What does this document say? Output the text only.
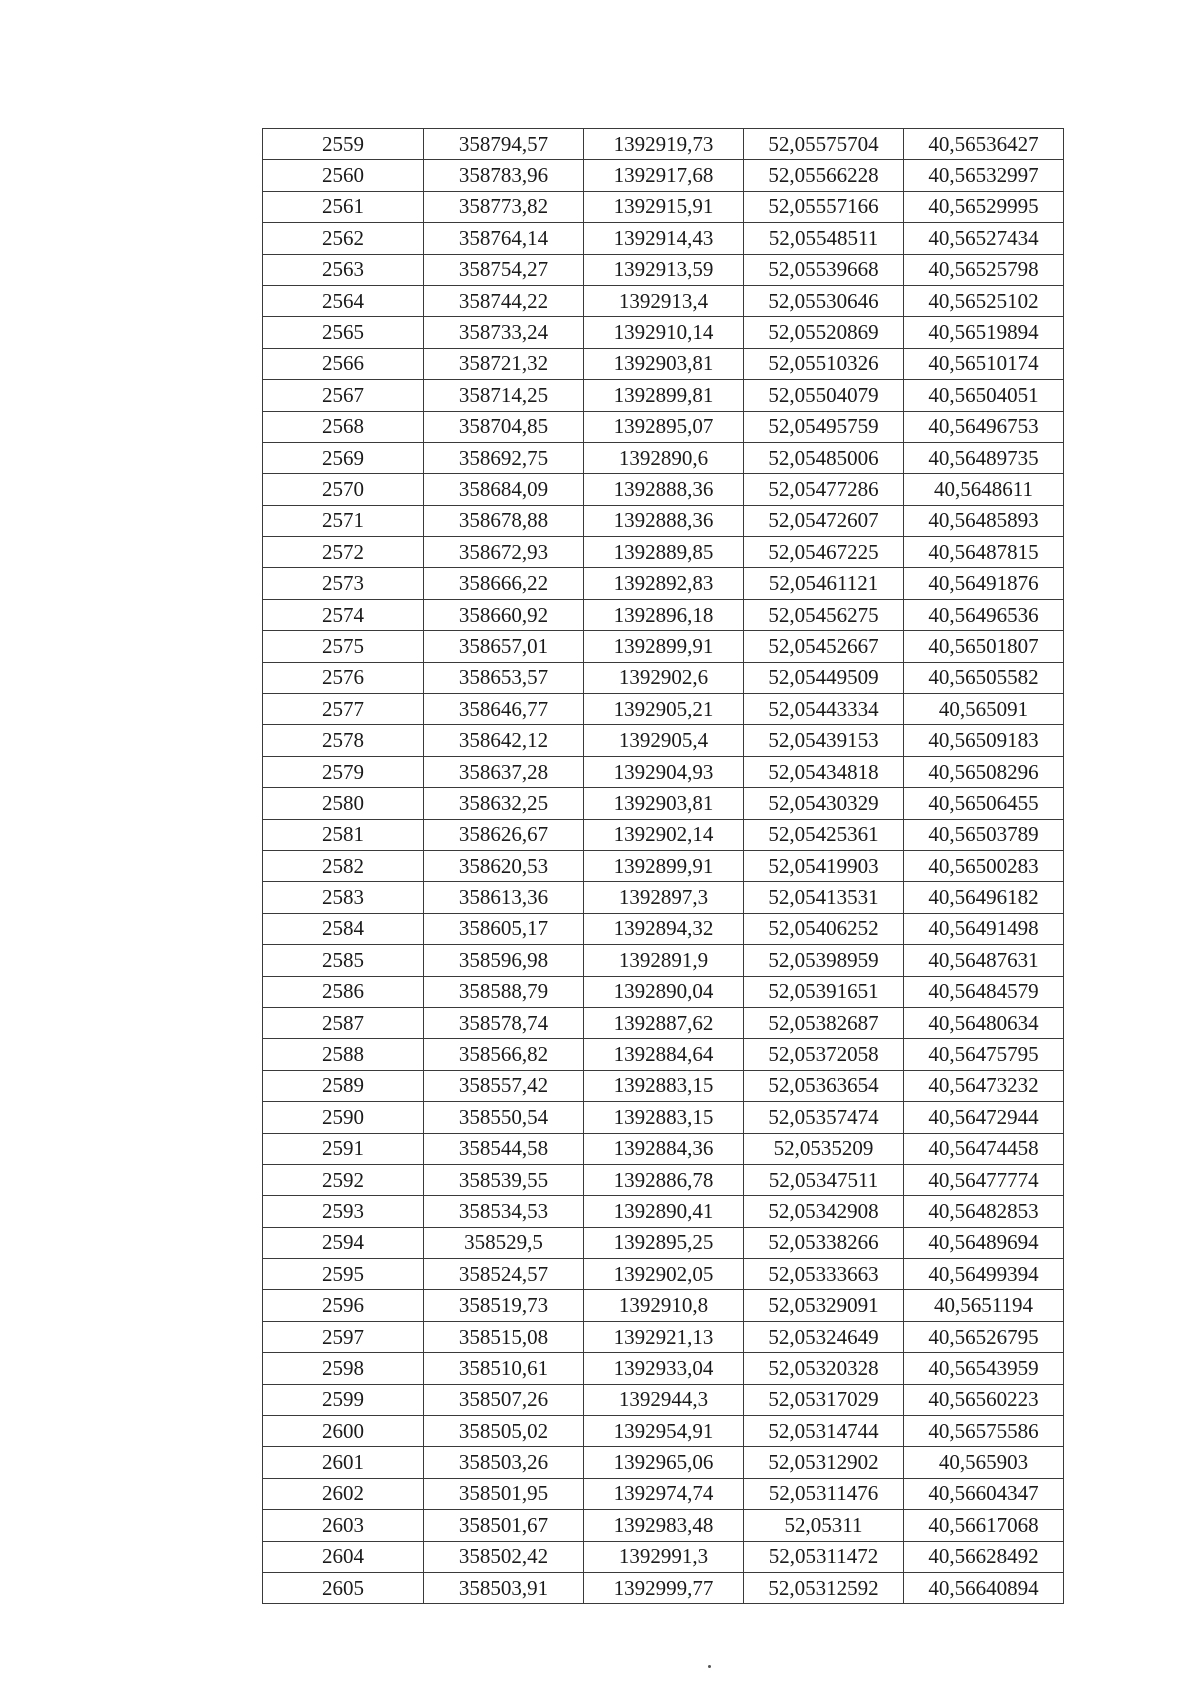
2559	358794,57	1392919,73	52,05575704	40,56536427
2560	358783,96	1392917,68	52,05566228	40,56532997
2561	358773,82	1392915,91	52,05557166	40,56529995
2562	358764,14	1392914,43	52,05548511	40,56527434
2563	358754,27	1392913,59	52,05539668	40,56525798
2564	358744,22	1392913,4	52,05530646	40,56525102
2565	358733,24	1392910,14	52,05520869	40,56519894
2566	358721,32	1392903,81	52,05510326	40,56510174
2567	358714,25	1392899,81	52,05504079	40,56504051
2568	358704,85	1392895,07	52,05495759	40,56496753
2569	358692,75	1392890,6	52,05485006	40,56489735
2570	358684,09	1392888,36	52,05477286	40,5648611
2571	358678,88	1392888,36	52,05472607	40,56485893
2572	358672,93	1392889,85	52,05467225	40,56487815
2573	358666,22	1392892,83	52,05461121	40,56491876
2574	358660,92	1392896,18	52,05456275	40,56496536
2575	358657,01	1392899,91	52,05452667	40,56501807
2576	358653,57	1392902,6	52,05449509	40,56505582
2577	358646,77	1392905,21	52,05443334	40,565091
2578	358642,12	1392905,4	52,05439153	40,56509183
2579	358637,28	1392904,93	52,05434818	40,56508296
2580	358632,25	1392903,81	52,05430329	40,56506455
2581	358626,67	1392902,14	52,05425361	40,56503789
2582	358620,53	1392899,91	52,05419903	40,56500283
2583	358613,36	1392897,3	52,05413531	40,56496182
2584	358605,17	1392894,32	52,05406252	40,56491498
2585	358596,98	1392891,9	52,05398959	40,56487631
2586	358588,79	1392890,04	52,05391651	40,56484579
2587	358578,74	1392887,62	52,05382687	40,56480634
2588	358566,82	1392884,64	52,05372058	40,56475795
2589	358557,42	1392883,15	52,05363654	40,56473232
2590	358550,54	1392883,15	52,05357474	40,56472944
2591	358544,58	1392884,36	52,0535209	40,56474458
2592	358539,55	1392886,78	52,05347511	40,56477774
2593	358534,53	1392890,41	52,05342908	40,56482853
2594	358529,5	1392895,25	52,05338266	40,56489694
2595	358524,57	1392902,05	52,05333663	40,56499394
2596	358519,73	1392910,8	52,05329091	40,5651194
2597	358515,08	1392921,13	52,05324649	40,56526795
2598	358510,61	1392933,04	52,05320328	40,56543959
2599	358507,26	1392944,3	52,05317029	40,56560223
2600	358505,02	1392954,91	52,05314744	40,56575586
2601	358503,26	1392965,06	52,05312902	40,565903
2602	358501,95	1392974,74	52,05311476	40,56604347
2603	358501,67	1392983,48	52,05311	40,56617068
2604	358502,42	1392991,3	52,05311472	40,56628492
2605	358503,91	1392999,77	52,05312592	40,56640894
